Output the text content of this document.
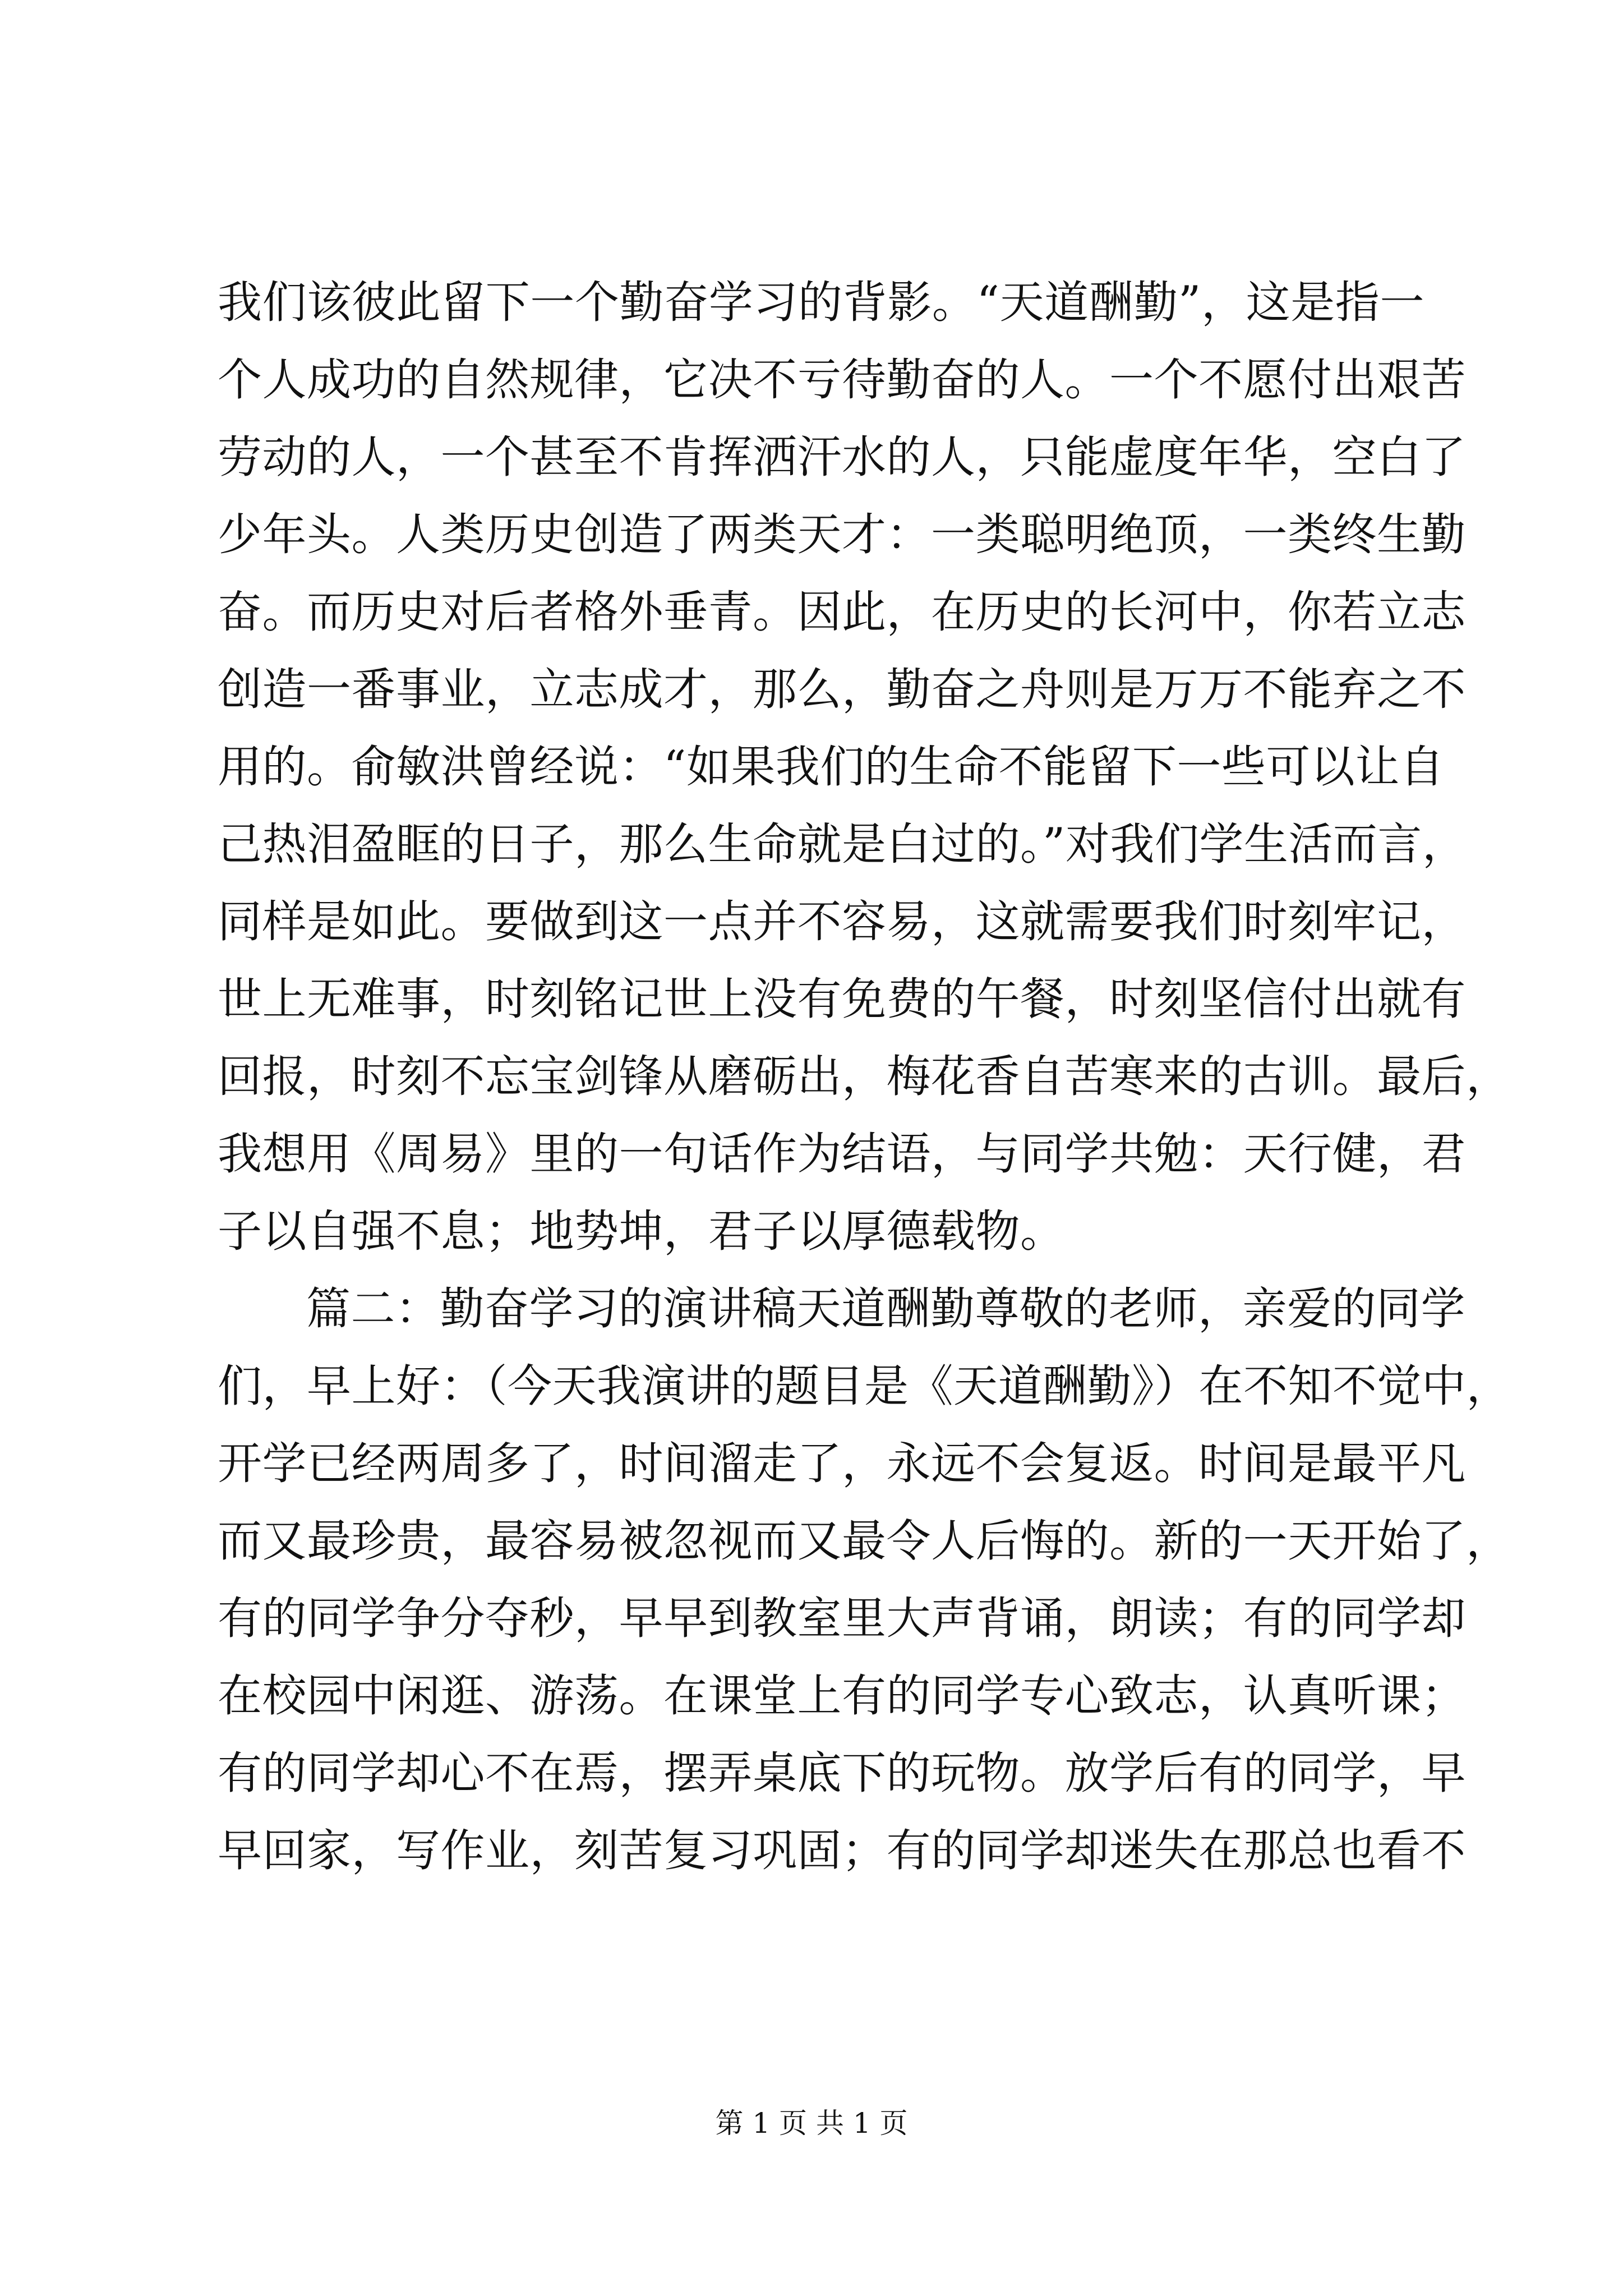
我们该彼此留下一个勤奋学习的背影。“天道酬勤”，这是指一
个人成功的自然规律，它决不亏待勤奋的人。一个不愿付出艰苦
劳动的人，一个甚至不肯挥洒汗水的人，只能虚度年华，空白了
少年头。人类历史创造了两类天才：一类聪明绝顶，一类终生勤
奋。而历史对后者格外垂青。因此，在历史的长河中，你若立志
创造一番事业，立志成才，那么，勤奋之舟则是万万不能弃之不
用的。俞敏洪曾经说：“如果我们的生命不能留下一些可以让自
己热泪盈眶的日子，那么生命就是白过的。”对我们学生活而言，
同样是如此。要做到这一点并不容易，这就需要我们时刻牢记，
世上无难事，时刻铭记世上没有免费的午餐，时刻坚信付出就有
回报，时刻不忘宝剑锋从磨砺出，梅花香自苦寒来的古训。最后，
我想用《周易》里的一句话作为结语，与同学共勉：天行健，君
子以自强不息；地势坤，君子以厚德载物。
篇二：勤奋学习的演讲稿天道酬勤尊敬的老师，亲爱的同学
们，早上好：（今天我演讲的题目是《天道酬勤》）在不知不觉中，
开学已经两周多了，时间溜走了，永远不会复返。时间是最平凡
而又最珍贵，最容易被忽视而又最令人后悔的。新的一天开始了，
有的同学争分夺秒，早早到教室里大声背诵，朗读；有的同学却
在校园中闲逛、游荡。在课堂上有的同学专心致志，认真听课；
有的同学却心不在焉，摆弄桌底下的玩物。放学后有的同学，早
早回家，写作业，刻苦复习巩固；有的同学却迷失在那总也看不
第 1 页 共 1 页
